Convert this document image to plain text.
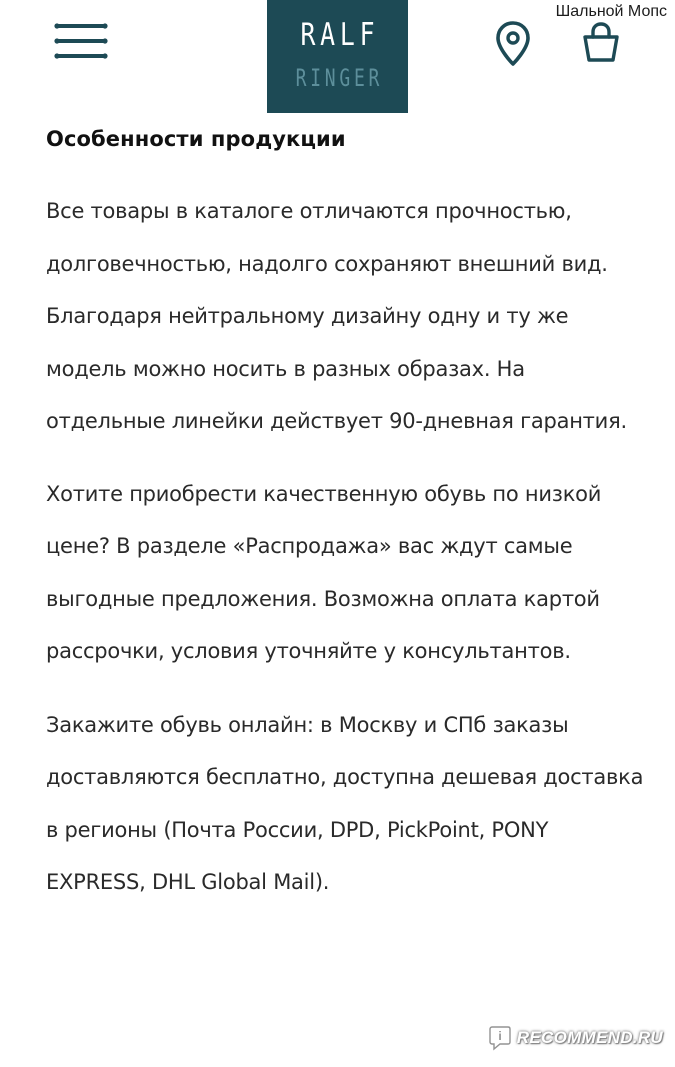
RALF
RINGER
Шальной Мопс
Особенности продукции

Все товары в каталоге отличаются прочностью, долговечностью, надолго сохраняют внешний вид. Благодаря нейтральному дизайну одну и ту же модель можно носить в разных образах. На отдельные линейки действует 90-дневная гарантия.

Хотите приобрести качественную обувь по низкой цене? В разделе «Распродажа» вас ждут самые выгодные предложения. Возможна оплата картой рассрочки, условия уточняйте у консультантов.

Закажите обувь онлайн: в Москву и СПб заказы доставляются бесплатно, доступна дешевая доставка в регионы (Почта России, DPD, PickPoint, PONY EXPRESS, DHL Global Mail).

i RECOMMEND.RU
